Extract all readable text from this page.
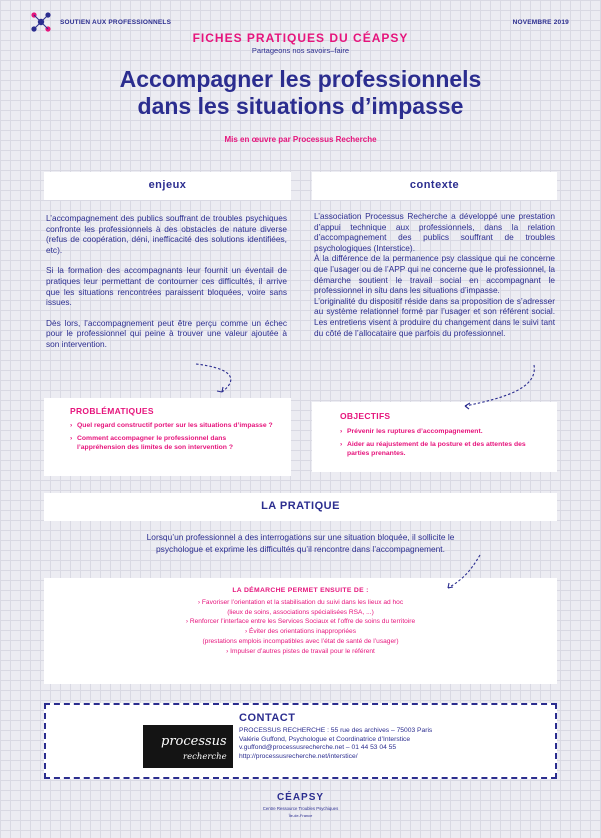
SOUTIEN AUX PROFESSIONNELS	NOVEMBRE 2019
FICHES PRATIQUES DU CÉAPSY
Partageons nos savoirs–faire
Accompagner les professionnels
dans les situations d’impasse
Mis en œuvre par Processus Recherche
enjeux

L’accompagnement des publics souffrant de troubles psychiques confronte les professionnels à des obstacles de nature diverse (refus de coopération, déni, inefficacité des solutions identifiées, etc).

Si la formation des accompagnants leur fournit un éventail de pratiques leur permettant de contourner ces difficultés, il arrive que les situations rencontrées paraissent bloquées, voire sans issues.

Dès lors, l’accompagnement peut être perçu comme un échec pour le professionnel qui peine à trouver une valeur ajoutée à son intervention.

contexte

L’association Processus Recherche a développé une prestation d’appui technique aux professionnels, dans la relation d’accompagnement des publics souffrant de troubles psychologiques (Interstice).

À la différence de la permanence psy classique qui ne concerne que l’usager ou de l’APP qui ne concerne que le professionnel, la démarche soutient le travail social en accompagnant le professionnel in situ dans les situations d’impasse.

L’originalité du dispositif réside dans sa proposition de s’adresser au système relationnel formé par l’usager et son référent social. Les entretiens visent à produire du changement dans le suivi tant du côté de l’allocataire que parfois du professionnel.

PROBLÉMATIQUES
› Quel regard constructif porter sur les situations d’impasse ?
› Comment accompagner le professionnel dans l’appréhension des limites de son intervention ?
OBJECTIFS
› Prévenir les ruptures d’accompagnement.
› Aider au réajustement de la posture et des attentes des parties prenantes.
LA PRATIQUE
Lorsqu’un professionnel a des interrogations sur une situation bloquée, il sollicite le
psychologue et exprime les difficultés qu’il rencontre dans l’accompagnement.
LA DÉMARCHE PERMET ENSUITE DE :
› Favoriser l’orientation et la stabilisation du suivi dans les lieux ad hoc
(lieux de soins, associations spécialisées RSA, ...)
› Renforcer l’interface entre les Services Sociaux et l’offre de soins du territoire
› Éviter des orientations inappropriées
(prestations emplois incompatibles avec l’état de santé de l’usager)
› Impulser d’autres pistes de travail pour le référent
processus
recherche
CONTACT
PROCESSUS RECHERCHE : 55 rue des archives – 75003 Paris
Valérie Guffond, Psychologue et Coordinatrice d’Interstice
v.guffond@processusrecherche.net – 01 44 53 04 55
http://processusrecherche.net/interstice/
CÉAPSY
Centre Ressource Troubles Psychiques
Île-de-France
